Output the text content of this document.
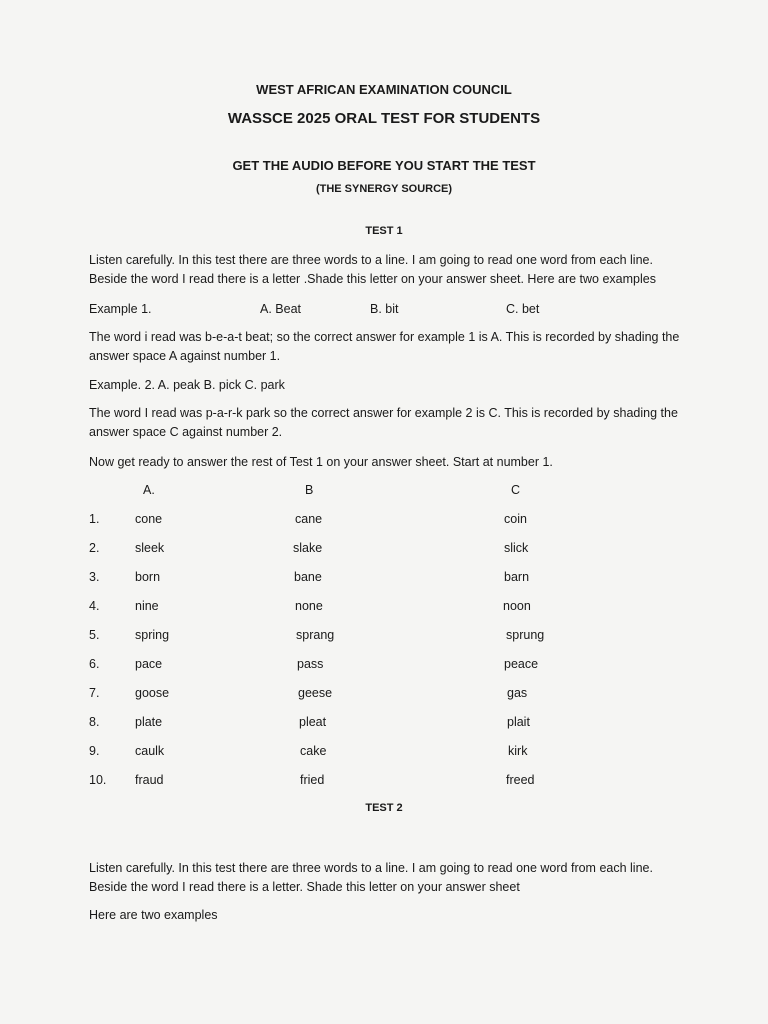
WEST AFRICAN EXAMINATION COUNCIL
WASSCE 2025 ORAL TEST FOR STUDENTS
GET THE AUDIO BEFORE YOU START THE TEST
(THE SYNERGY SOURCE)
TEST 1
Listen carefully. In this test there are three words to a line. I am going to read one word from each line. Beside the word I read there is a letter .Shade this letter on your answer sheet. Here are two examples
Example 1.	A. Beat	B. bit	C. bet
The word i read was b-e-a-t beat; so the correct answer for example 1 is A. This is recorded by shading the answer space A against number 1.
Example. 2. A. peak B. pick C. park
The word I read was p-a-r-k park so the correct answer for example 2 is C. This is recorded by shading the answer space C against number 2.
Now get ready to answer the rest of Test 1 on your answer sheet. Start at number 1.
A.	B	C
1.	cone	cane	coin
2.	sleek	slake	slick
3.	born	bane	barn
4.	nine	none	noon
5.	spring	sprang	sprung
6.	pace	pass	peace
7.	goose	geese	gas
8.	plate	pleat	plait
9.	caulk	cake	kirk
10. fraud	fried	freed
TEST 2
Listen carefully. In this test there are three words to a line. I am going to read one word from each line. Beside the word I read there is a letter. Shade this letter on your answer sheet
Here are two examples
